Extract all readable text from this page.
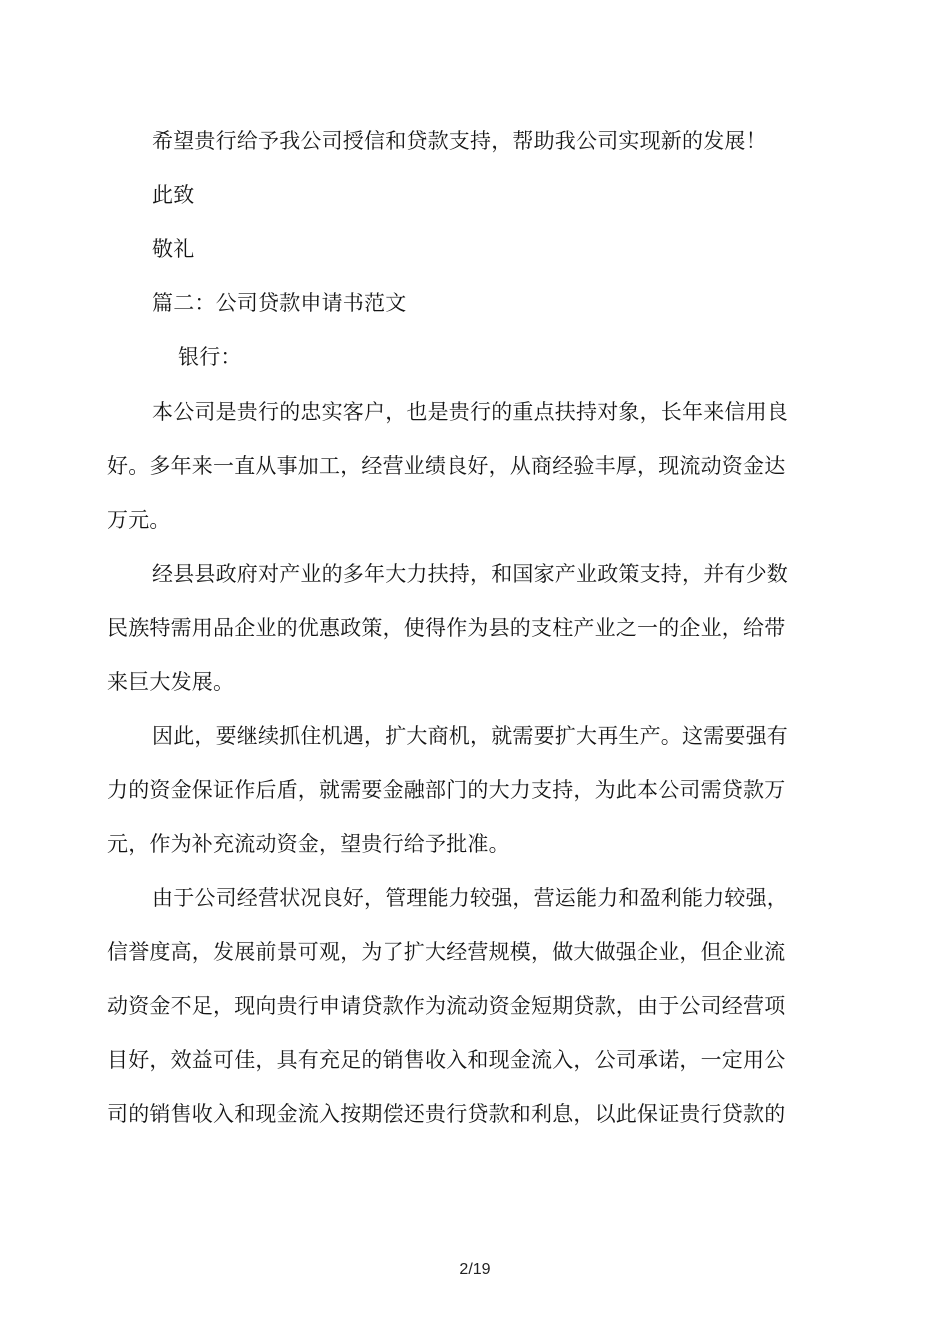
希望贵行给予我公司授信和贷款支持，帮助我公司实现新的发展！
此致
敬礼
篇二：公司贷款申请书范文
银行：
本公司是贵行的忠实客户，也是贵行的重点扶持对象，长年来信用良
好。多年来一直从事加工，经营业绩良好，从商经验丰厚，现流动资金达
万元。
经县县政府对产业的多年大力扶持，和国家产业政策支持，并有少数
民族特需用品企业的优惠政策，使得作为县的支柱产业之一的企业，给带
来巨大发展。
因此，要继续抓住机遇，扩大商机，就需要扩大再生产。这需要强有
力的资金保证作后盾，就需要金融部门的大力支持，为此本公司需贷款万
元，作为补充流动资金，望贵行给予批准。
由于公司经营状况良好，管理能力较强，营运能力和盈利能力较强，
信誉度高，发展前景可观，为了扩大经营规模，做大做强企业，但企业流
动资金不足，现向贵行申请贷款作为流动资金短期贷款，由于公司经营项
目好，效益可佳，具有充足的销售收入和现金流入，公司承诺，一定用公
司的销售收入和现金流入按期偿还贵行贷款和利息，以此保证贵行贷款的
2/19
